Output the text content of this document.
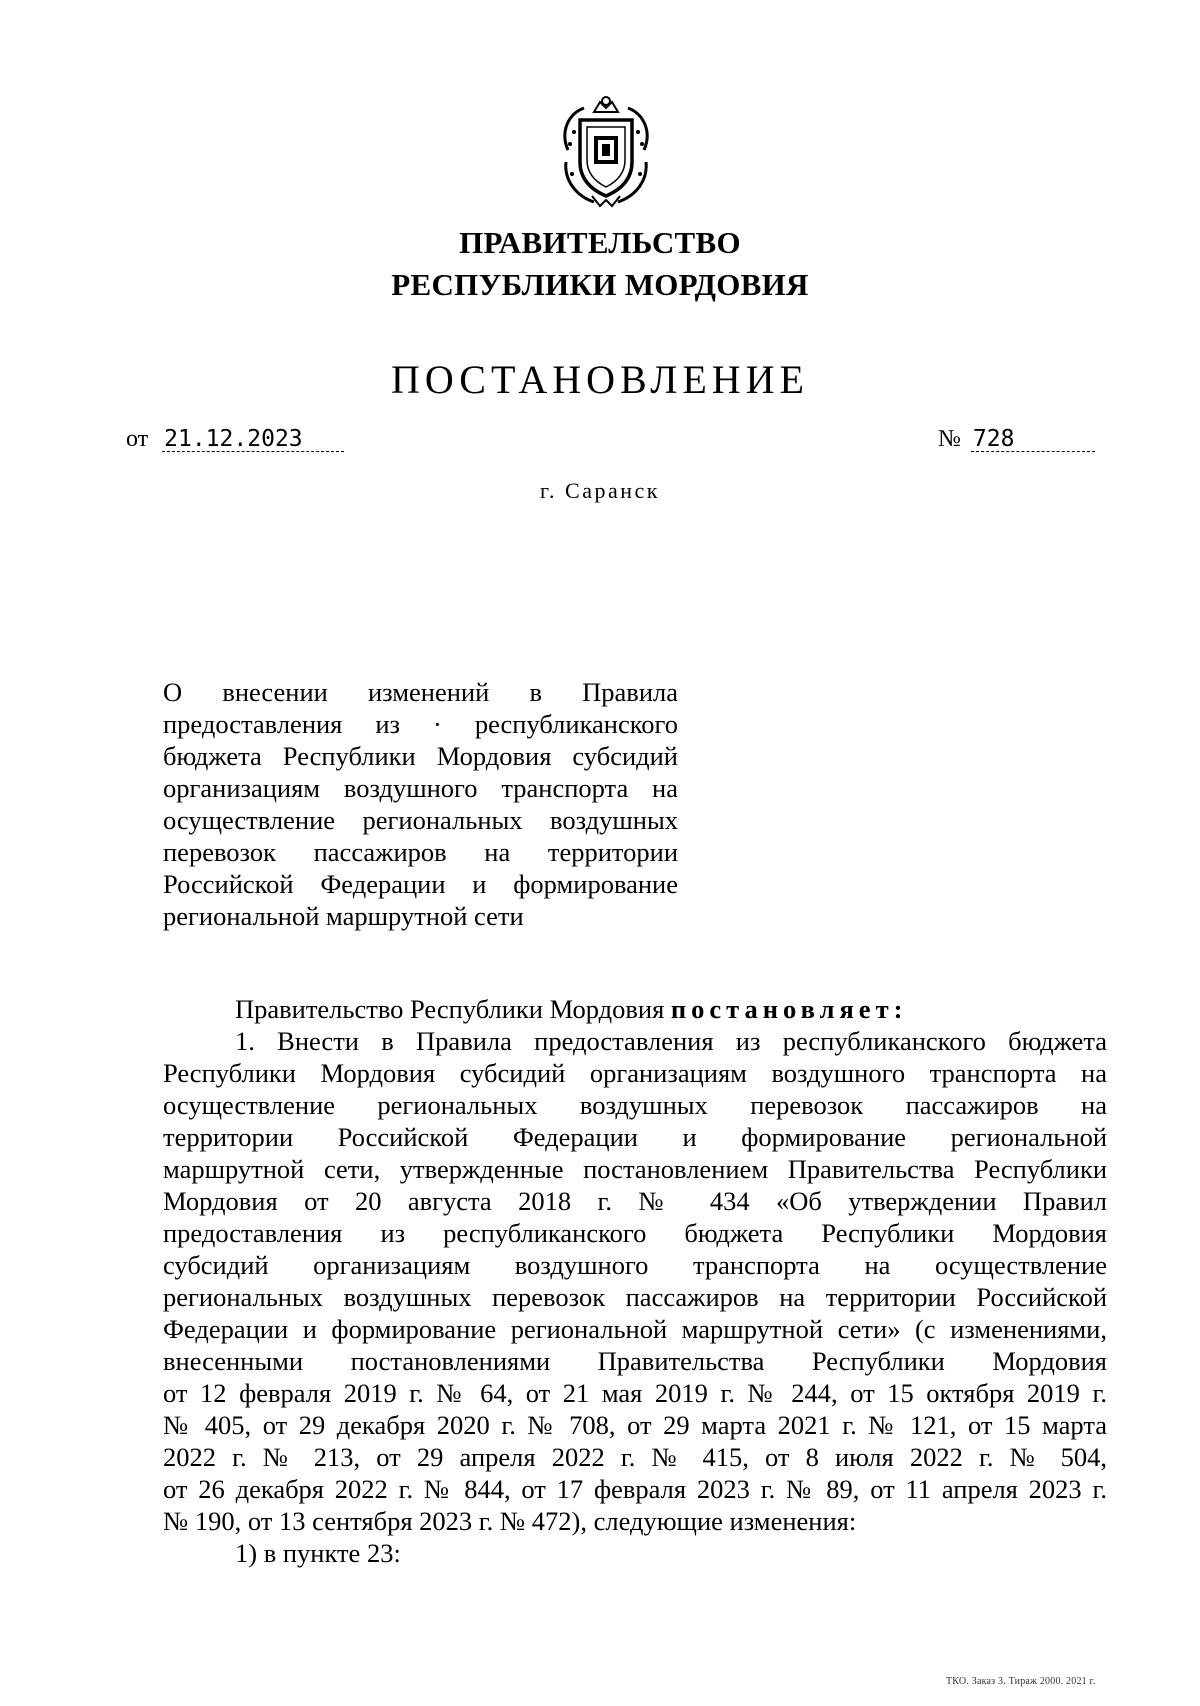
ПРАВИТЕЛЬСТВО
РЕСПУБЛИКИ МОРДОВИЯ
ПОСТАНОВЛЕНИЕ
от 21.12.2023	№ 728
г. Саранск
О внесении изменений в Правила
предоставления из · республиканского
бюджета Республики Мордовия субсидий
организациям воздушного транспорта на
осуществление региональных воздушных
перевозок пассажиров на территории
Российской Федерации и формирование
региональной маршрутной сети
Правительство Республики Мордовия постановляет:
1. Внести в Правила предоставления из республиканского бюджета
Республики Мордовия субсидий организациям воздушного транспорта на
осуществление региональных воздушных перевозок пассажиров на
территории Российской Федерации и формирование региональной
маршрутной сети, утвержденные постановлением Правительства Республики
Мордовия от 20 августа 2018 г. № 434 «Об утверждении Правил
предоставления из республиканского бюджета Республики Мордовия
субсидий организациям воздушного транспорта на осуществление
региональных воздушных перевозок пассажиров на территории Российской
Федерации и формирование региональной маршрутной сети» (с изменениями,
внесенными постановлениями Правительства Республики Мордовия
от 12 февраля 2019 г. № 64, от 21 мая 2019 г. № 244, от 15 октября 2019 г.
№ 405, от 29 декабря 2020 г. № 708, от 29 марта 2021 г. № 121, от 15 марта
2022 г. № 213, от 29 апреля 2022 г. № 415, от 8 июля 2022 г. № 504,
от 26 декабря 2022 г. № 844, от 17 февраля 2023 г. № 89, от 11 апреля 2023 г.
№ 190, от 13 сентября 2023 г. № 472), следующие изменения:
1) в пункте 23:
ТКО. Заказ 3. Тираж 2000. 2021 г.
